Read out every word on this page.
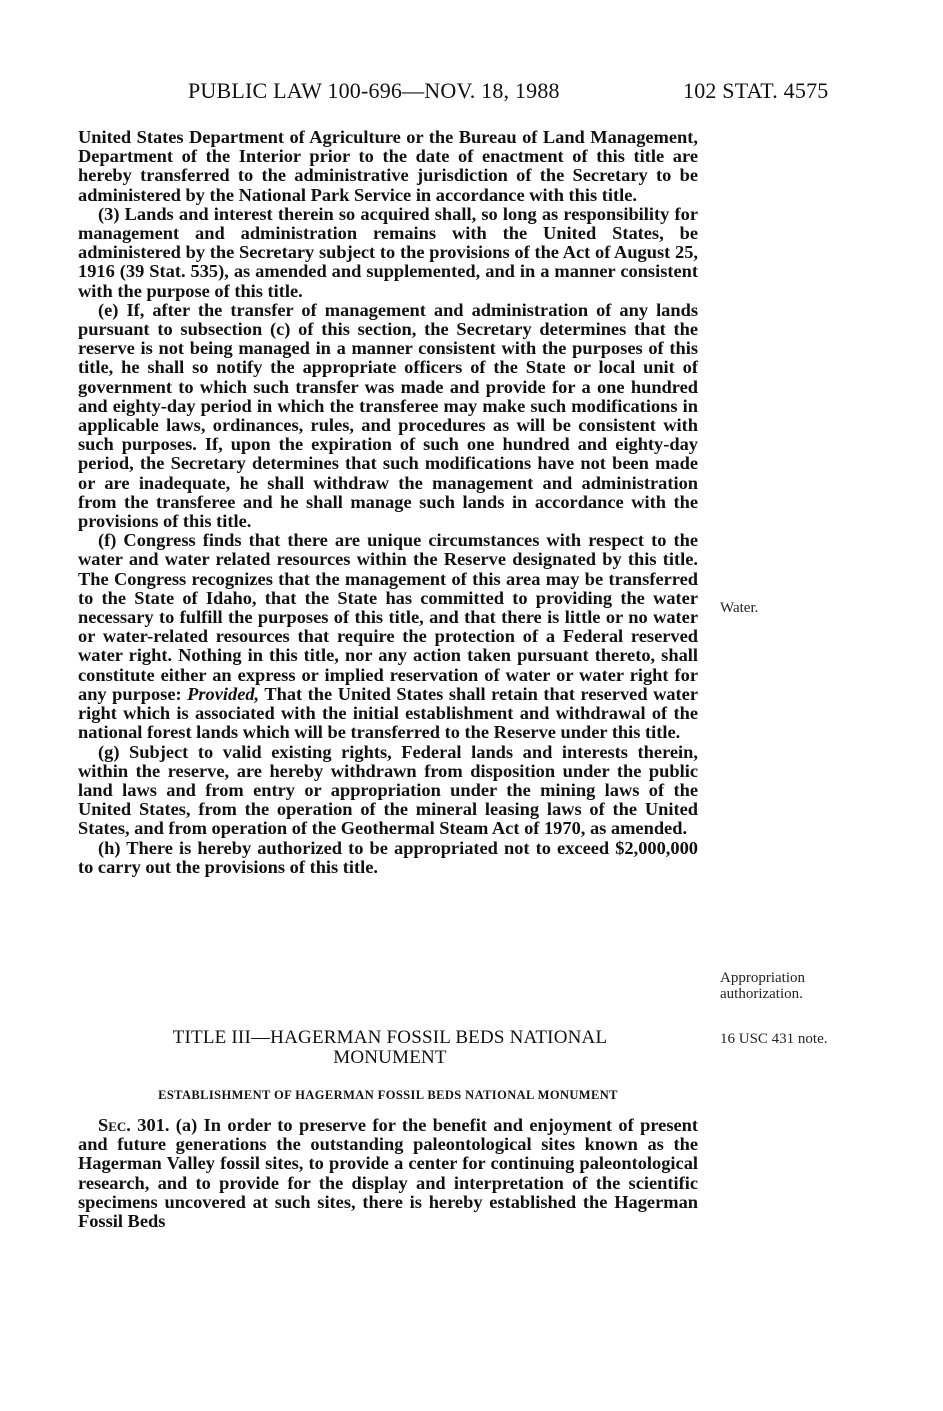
PUBLIC LAW 100-696—NOV. 18, 1988	102 STAT. 4575

United States Department of Agriculture or the Bureau of Land Management, Department of the Interior prior to the date of enactment of this title are hereby transferred to the administrative jurisdiction of the Secretary to be administered by the National Park Service in accordance with this title.

(3) Lands and interest therein so acquired shall, so long as responsibility for management and administration remains with the United States, be administered by the Secretary subject to the provisions of the Act of August 25, 1916 (39 Stat. 535), as amended and supplemented, and in a manner consistent with the purpose of this title.

(e) If, after the transfer of management and administration of any lands pursuant to subsection (c) of this section, the Secretary determines that the reserve is not being managed in a manner consistent with the purposes of this title, he shall so notify the appropriate officers of the State or local unit of government to which such transfer was made and provide for a one hundred and eighty-day period in which the transferee may make such modifications in applicable laws, ordinances, rules, and procedures as will be consistent with such purposes. If, upon the expiration of such one hundred and eighty-day period, the Secretary determines that such modifications have not been made or are inadequate, he shall withdraw the management and administration from the transferee and he shall manage such lands in accordance with the provisions of this title.

(f) Congress finds that there are unique circumstances with respect to the water and water related resources within the Reserve designated by this title. The Congress recognizes that the management of this area may be transferred to the State of Idaho, that the State has committed to providing the water necessary to fulfill the purposes of this title, and that there is little or no water or water-related resources that require the protection of a Federal reserved water right. Nothing in this title, nor any action taken pursuant thereto, shall constitute either an express or implied reservation of water or water right for any purpose: Provided, That the United States shall retain that reserved water right which is associated with the initial establishment and withdrawal of the national forest lands which will be transferred to the Reserve under this title.

(g) Subject to valid existing rights, Federal lands and interests therein, within the reserve, are hereby withdrawn from disposition under the public land laws and from entry or appropriation under the mining laws of the United States, from the operation of the mineral leasing laws of the United States, and from operation of the Geothermal Steam Act of 1970, as amended.

(h) There is hereby authorized to be appropriated not to exceed $2,000,000 to carry out the provisions of this title.

Water.
Appropriation
authorization.
16 USC 431 note.
TITLE III—HAGERMAN FOSSIL BEDS NATIONAL
MONUMENT
ESTABLISHMENT OF HAGERMAN FOSSIL BEDS NATIONAL MONUMENT
Sec. 301. (a) In order to preserve for the benefit and enjoyment of present and future generations the outstanding paleontological sites known as the Hagerman Valley fossil sites, to provide a center for continuing paleontological research, and to provide for the display and interpretation of the scientific specimens uncovered at such sites, there is hereby established the Hagerman Fossil Beds
